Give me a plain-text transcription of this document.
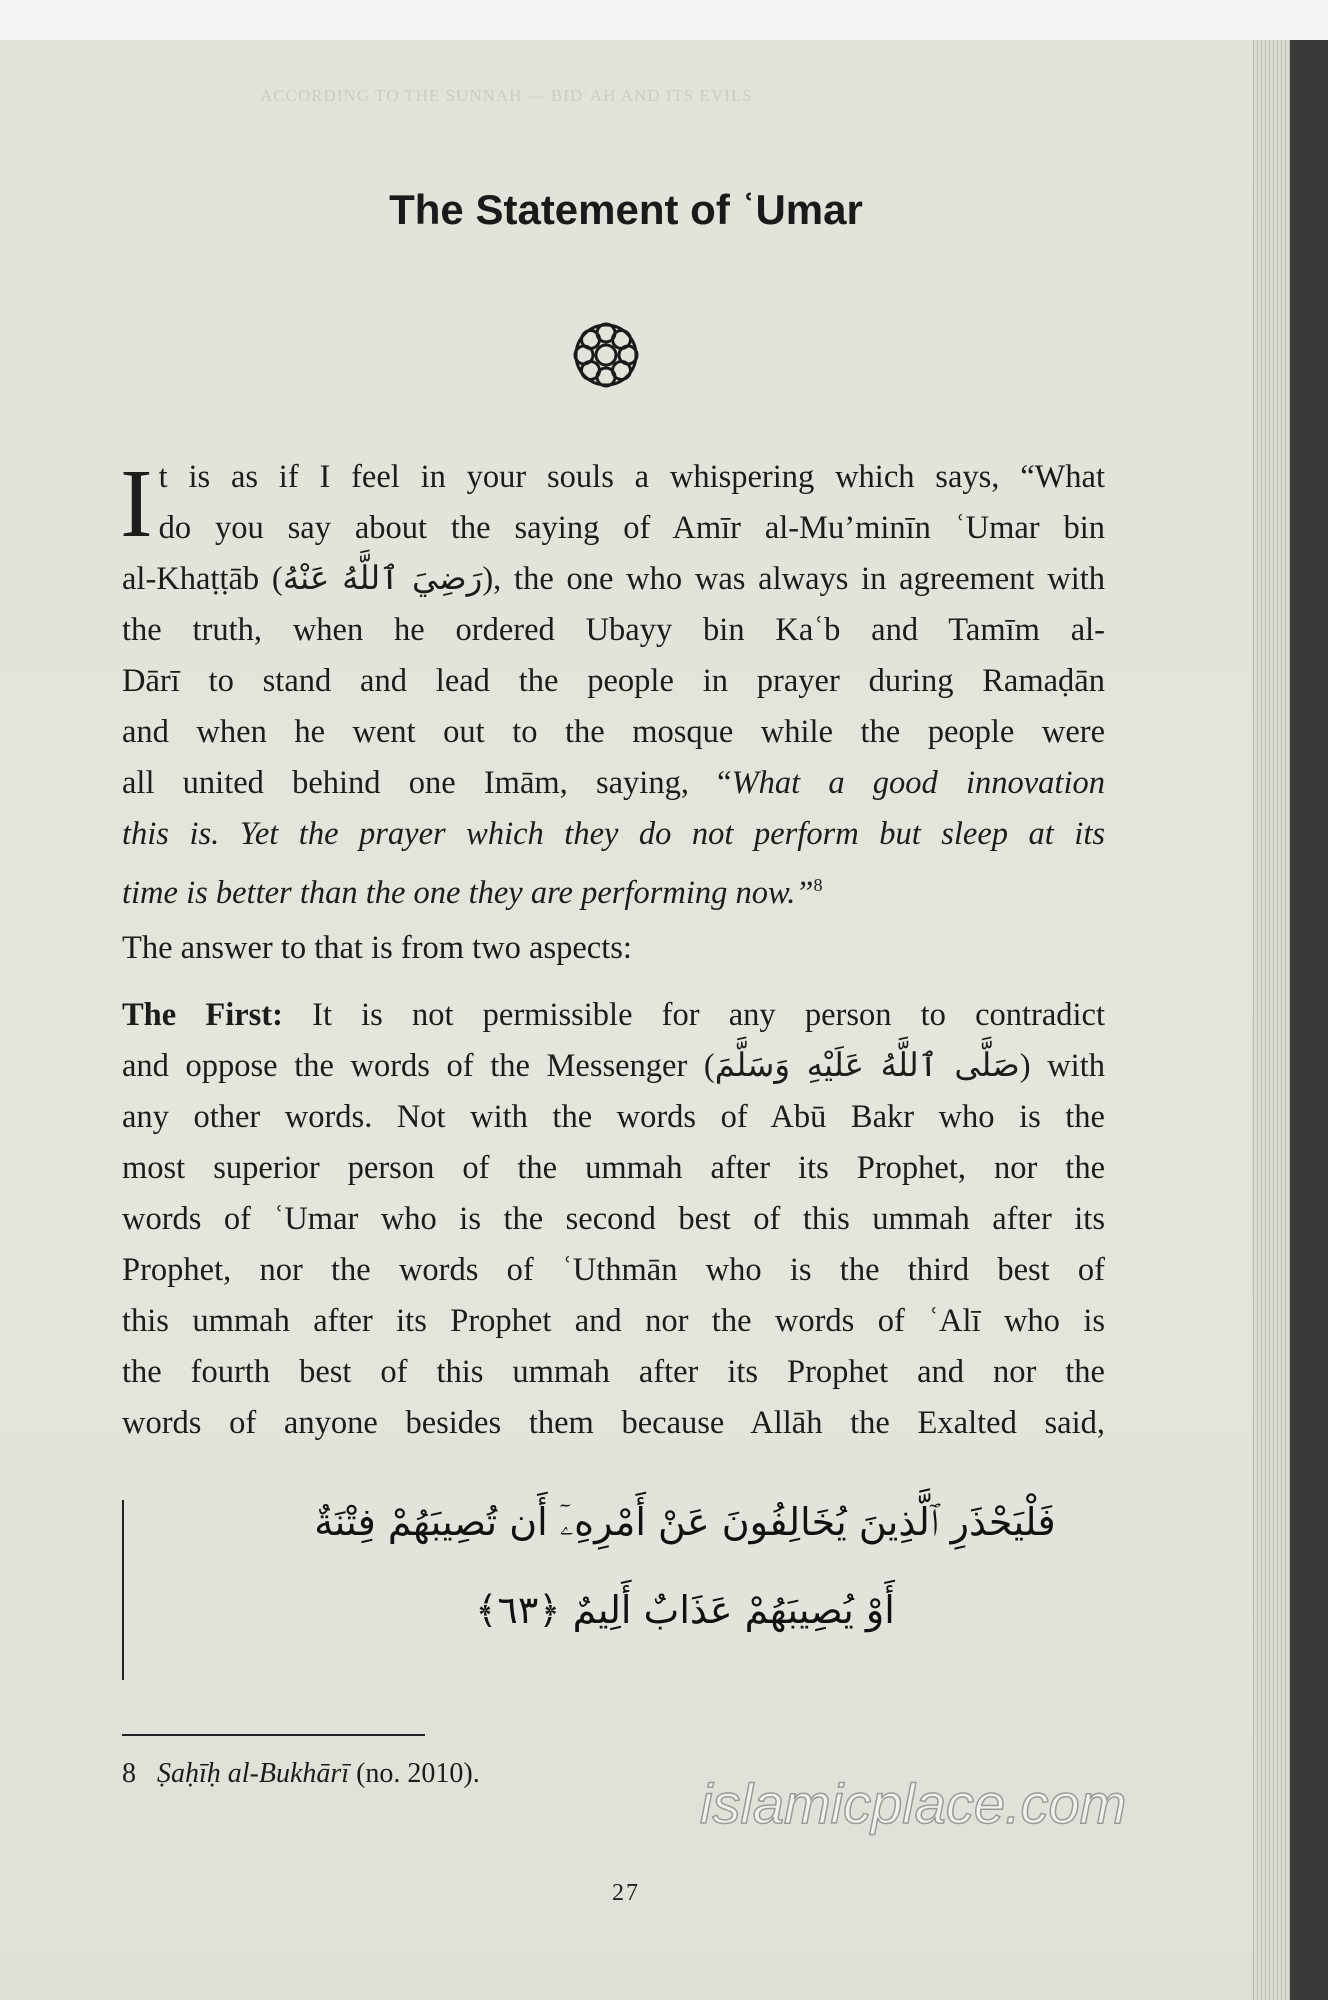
ACCORDING TO THE SUNNAH — BIDʿAH AND ITS EVILS
The Statement of ʿUmar
I t is as if I feel in your souls a whispering which says, “What
do you say about the saying of Amīr al-Mu’minīn ʿUmar bin
al-Khaṭṭāb (رَضِيَ ٱللَّهُ عَنْهُ), the one who was always in agreement with
the truth, when he ordered Ubayy bin Kaʿb and Tamīm al-
Dārī to stand and lead the people in prayer during Ramaḍān
and when he went out to the mosque while the people were
all united behind one Imām, saying, “What a good innovation
this is. Yet the prayer which they do not perform but sleep at its
time is better than the one they are performing now.”$^8$
The answer to that is from two aspects:
The First: It is not permissible for any person to contradict
and oppose the words of the Messenger (صَلَّى ٱللَّهُ عَلَيْهِ وَسَلَّمَ) with
any other words. Not with the words of Abū Bakr who is the
most superior person of the ummah after its Prophet, nor the
words of ʿUmar who is the second best of this ummah after its
Prophet, nor the words of ʿUthmān who is the third best of
this ummah after its Prophet and nor the words of ʿAlī who is
the fourth best of this ummah after its Prophet and nor the
words of anyone besides them because Allāh the Exalted said,
فَلْيَحْذَرِ ٱلَّذِينَ يُخَالِفُونَ عَنْ أَمْرِهِۦٓ أَن تُصِيبَهُمْ فِتْنَةٌ
أَوْ يُصِيبَهُمْ عَذَابٌ أَلِيمٌ ﴿٦٣﴾
8 Ṣaḥīḥ al-Bukhārī (no. 2010).	islamicplace.com
27
